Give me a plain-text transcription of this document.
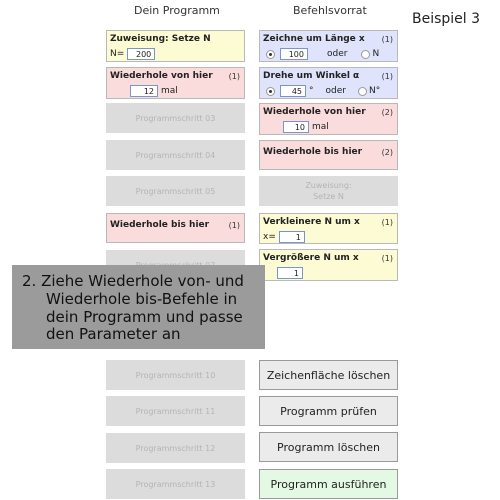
Dein Programm	Befehlsvorrat
Beispiel 3
Zuweisung: Setze N
N=	200
Wiederhole von hier (1)
12 mal
Programmschritt 03
Programmschritt 04
Programmschritt 05
Wiederhole bis hier (1)
Programmschritt 10
Programmschritt 11
Programmschritt 12
Programmschritt 13
Zeichne um Länge x (1)
100	oder	N
Drehe um Winkel α	(1)
45 ° oder	N°
Wiederhole von hier (2)
10 mal
Wiederhole bis hier (2)
Zuweisung:
Setze N
Verkleinere N um x	(1)
x=	1
Vergrößere N um x	(1)
1
Zeichenfläche löschen
Programm prüfen
Programm löschen
Programm ausführen
2. Ziehe Wiederhole von- und
Wiederhole bis-Befehle in
dein Programm und passe
den Parameter an
